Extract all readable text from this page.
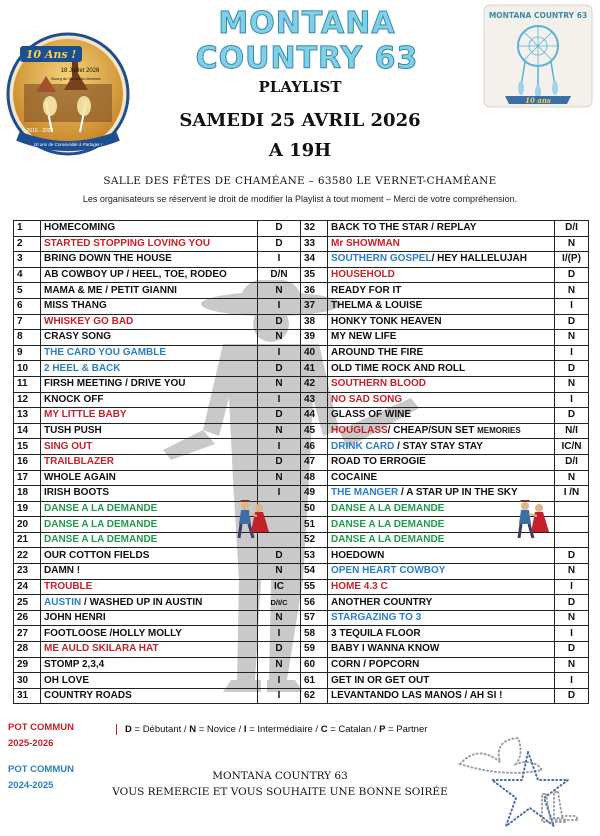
MONTANA COUNTRY 63
10 Ans !
18 Juillet 2026
Bourg du Vernet-la-Varenne
2016 - 2026
10 ans de Convivialité à Partager !
MONTANA COUNTRY 63
10 ans
PLAYLIST
SAMEDI 25 AVRIL 2026
A 19H
SALLE DES FÊTES DE CHAMÉANE – 63580 LE VERNET-CHAMÉANE
Les organisateurs se réservent le droit de modifier la Playlist à tout moment – Merci de votre compréhension.
1	HOMECOMING	D	32	BACK TO THE STAR / REPLAY	D/I
2	STARTED STOPPING LOVING YOU	D	33	Mr SHOWMAN	N
3	BRING DOWN THE HOUSE	I	34	SOUTHERN GOSPEL/ HEY HALLELUJAH	I/(P)
4	AB COWBOY UP / HEEL, TOE, RODEO	D/N	35	HOUSEHOLD	D
5	MAMA & ME / PETIT GIANNI	N	36	READY FOR IT	N
6	MISS THANG	I	37	THELMA & LOUISE	I
7	WHISKEY GO BAD	D	38	HONKY TONK HEAVEN	D
8	CRASY SONG	N	39	MY NEW LIFE	N
9	THE CARD YOU GAMBLE	I	40	AROUND THE FIRE	I
10	2 HEEL & BACK	D	41	OLD TIME ROCK AND ROLL	D
11	FIRSH MEETING / DRIVE YOU	N	42	SOUTHERN BLOOD	N
12	KNOCK OFF	I	43	NO SAD SONG	I
13	MY LITTLE BABY	D	44	GLASS OF WINE	D
14	TUSH PUSH	N	45	HOUGLASS/ CHEAP/SUN SET MEMORIES	N/I
15	SING OUT	I	46	DRINK CARD / STAY STAY STAY	IC/N
16	TRAILBLAZER	D	47	ROAD TO ERROGIE	D/I
17	WHOLE AGAIN	N	48	COCAINE	N
18	IRISH BOOTS	I	49	THE MANGER / A STAR UP IN THE SKY	I /N
19	DANSE A LA DEMANDE		50	DANSE A LA DEMANDE	
20	DANSE A LA DEMANDE		51	DANSE A LA DEMANDE	
21	DANSE A LA DEMANDE		52	DANSE A LA DEMANDE	
22	OUR COTTON FIELDS	D	53	HOEDOWN	D
23	DAMN !	N	54	OPEN HEART COWBOY	N
24	TROUBLE	IC	55	HOME 4.3 C	I
25	AUSTIN / WASHED UP IN AUSTIN	D/I/C	56	ANOTHER COUNTRY	D
26	JOHN HENRI	N	57	STARGAZING TO 3	N
27	FOOTLOOSE /HOLLY MOLLY	I	58	3 TEQUILA FLOOR	I
28	ME AULD SKILARA HAT	D	59	BABY I WANNA KNOW	D
29	STOMP 2,3,4	N	60	CORN / POPCORN	N
30	OH LOVE	I	61	GET IN OR GET OUT	I
31	COUNTRY ROADS	I	62	LEVANTANDO LAS MANOS / AH SI !	D
POT COMMUN
2025-2026
POT COMMUN
2024-2025
D = Débutant / N = Novice / I = Intermédiaire / C = Catalan / P = Partner
MONTANA COUNTRY 63
VOUS REMERCIE ET VOUS SOUHAITE UNE BONNE SOIRÉE
